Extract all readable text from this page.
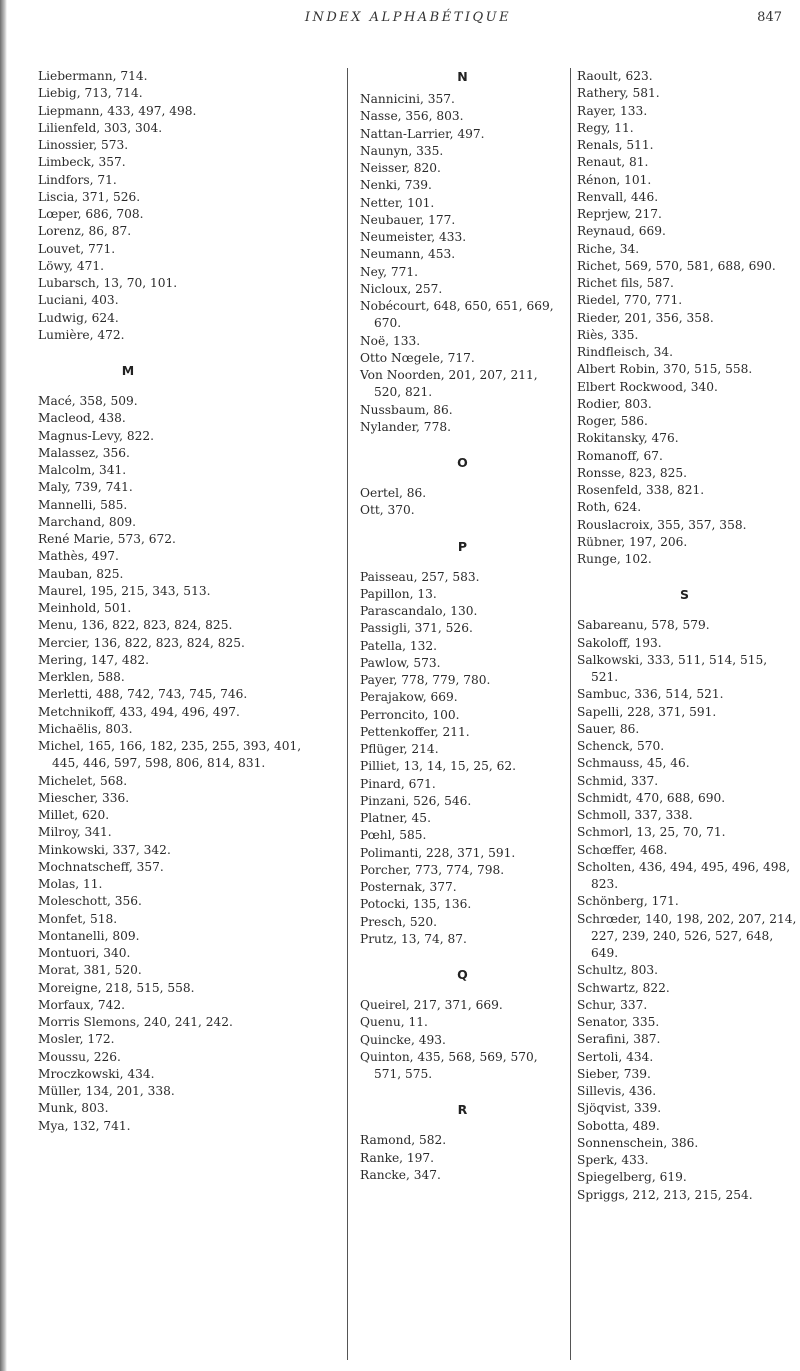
INDEX ALPHABÉTIQUE	847
Liebermann, 714.
Liebig, 713, 714.
Liepmann, 433, 497, 498.
Lilienfeld, 303, 304.
Linossier, 573.
Limbeck, 357.
Lindfors, 71.
Liscia, 371, 526.
Lœper, 686, 708.
Lorenz, 86, 87.
Louvet, 771.
Löwy, 471.
Lubarsch, 13, 70, 101.
Luciani, 403.
Ludwig, 624.
Lumière, 472.
M
Macé, 358, 509.
Macleod, 438.
Magnus-Levy, 822.
Malassez, 356.
Malcolm, 341.
Maly, 739, 741.
Mannelli, 585.
Marchand, 809.
René Marie, 573, 672.
Mathès, 497.
Mauban, 825.
Maurel, 195, 215, 343, 513.
Meinhold, 501.
Menu, 136, 822, 823, 824, 825.
Mercier, 136, 822, 823, 824, 825.
Mering, 147, 482.
Merklen, 588.
Merletti, 488, 742, 743, 745, 746.
Metchnikoff, 433, 494, 496, 497.
Michaëlis, 803.
Michel, 165, 166, 182, 235, 255, 393, 401, 445, 446, 597, 598, 806, 814, 831.
Michelet, 568.
Miescher, 336.
Millet, 620.
Milroy, 341.
Minkowski, 337, 342.
Mochnatscheff, 357.
Molas, 11.
Moleschott, 356.
Monfet, 518.
Montanelli, 809.
Montuori, 340.
Morat, 381, 520.
Moreigne, 218, 515, 558.
Morfaux, 742.
Morris Slemons, 240, 241, 242.
Mosler, 172.
Moussu, 226.
Mroczkowski, 434.
Müller, 134, 201, 338.
Munk, 803.
Mya, 132, 741.
N
Nannicini, 357.
Nasse, 356, 803.
Nattan-Larrier, 497.
Naunyn, 335.
Neisser, 820.
Nenki, 739.
Netter, 101.
Neubauer, 177.
Neumeister, 433.
Neumann, 453.
Ney, 771.
Nicloux, 257.
Nobécourt, 648, 650, 651, 669, 670.
Noë, 133.
Otto Nœgele, 717.
Von Noorden, 201, 207, 211, 520, 821.
Nussbaum, 86.
Nylander, 778.
O
Oertel, 86.
Ott, 370.
P
Paisseau, 257, 583.
Papillon, 13.
Parascandalo, 130.
Passigli, 371, 526.
Patella, 132.
Pawlow, 573.
Payer, 778, 779, 780.
Perajakow, 669.
Perroncito, 100.
Pettenkoffer, 211.
Pflüger, 214.
Pilliet, 13, 14, 15, 25, 62.
Pinard, 671.
Pinzani, 526, 546.
Platner, 45.
Pœhl, 585.
Polimanti, 228, 371, 591.
Porcher, 773, 774, 798.
Posternak, 377.
Potocki, 135, 136.
Presch, 520.
Prutz, 13, 74, 87.
Q
Queirel, 217, 371, 669.
Quenu, 11.
Quincke, 493.
Quinton, 435, 568, 569, 570, 571, 575.
R
Ramond, 582.
Ranke, 197.
Rancke, 347.
Raoult, 623.
Rathery, 581.
Rayer, 133.
Regy, 11.
Renals, 511.
Renaut, 81.
Rénon, 101.
Renvall, 446.
Reprjew, 217.
Reynaud, 669.
Riche, 34.
Richet, 569, 570, 581, 688, 690.
Richet fils, 587.
Riedel, 770, 771.
Rieder, 201, 356, 358.
Riès, 335.
Rindfleisch, 34.
Albert Robin, 370, 515, 558.
Elbert Rockwood, 340.
Rodier, 803.
Roger, 586.
Rokitansky, 476.
Romanoff, 67.
Ronsse, 823, 825.
Rosenfeld, 338, 821.
Roth, 624.
Rouslacroix, 355, 357, 358.
Rübner, 197, 206.
Runge, 102.
S
Sabareanu, 578, 579.
Sakoloff, 193.
Salkowski, 333, 511, 514, 515, 521.
Sambuc, 336, 514, 521.
Sapelli, 228, 371, 591.
Sauer, 86.
Schenck, 570.
Schmauss, 45, 46.
Schmid, 337.
Schmidt, 470, 688, 690.
Schmoll, 337, 338.
Schmorl, 13, 25, 70, 71.
Schœffer, 468.
Scholten, 436, 494, 495, 496, 498, 823.
Schönberg, 171.
Schrœder, 140, 198, 202, 207, 214, 227, 239, 240, 526, 527, 648, 649.
Schultz, 803.
Schwartz, 822.
Schur, 337.
Senator, 335.
Serafini, 387.
Sertoli, 434.
Sieber, 739.
Sillevis, 436.
Sjöqvist, 339.
Sobotta, 489.
Sonnenschein, 386.
Sperk, 433.
Spiegelberg, 619.
Spriggs, 212, 213, 215, 254.
